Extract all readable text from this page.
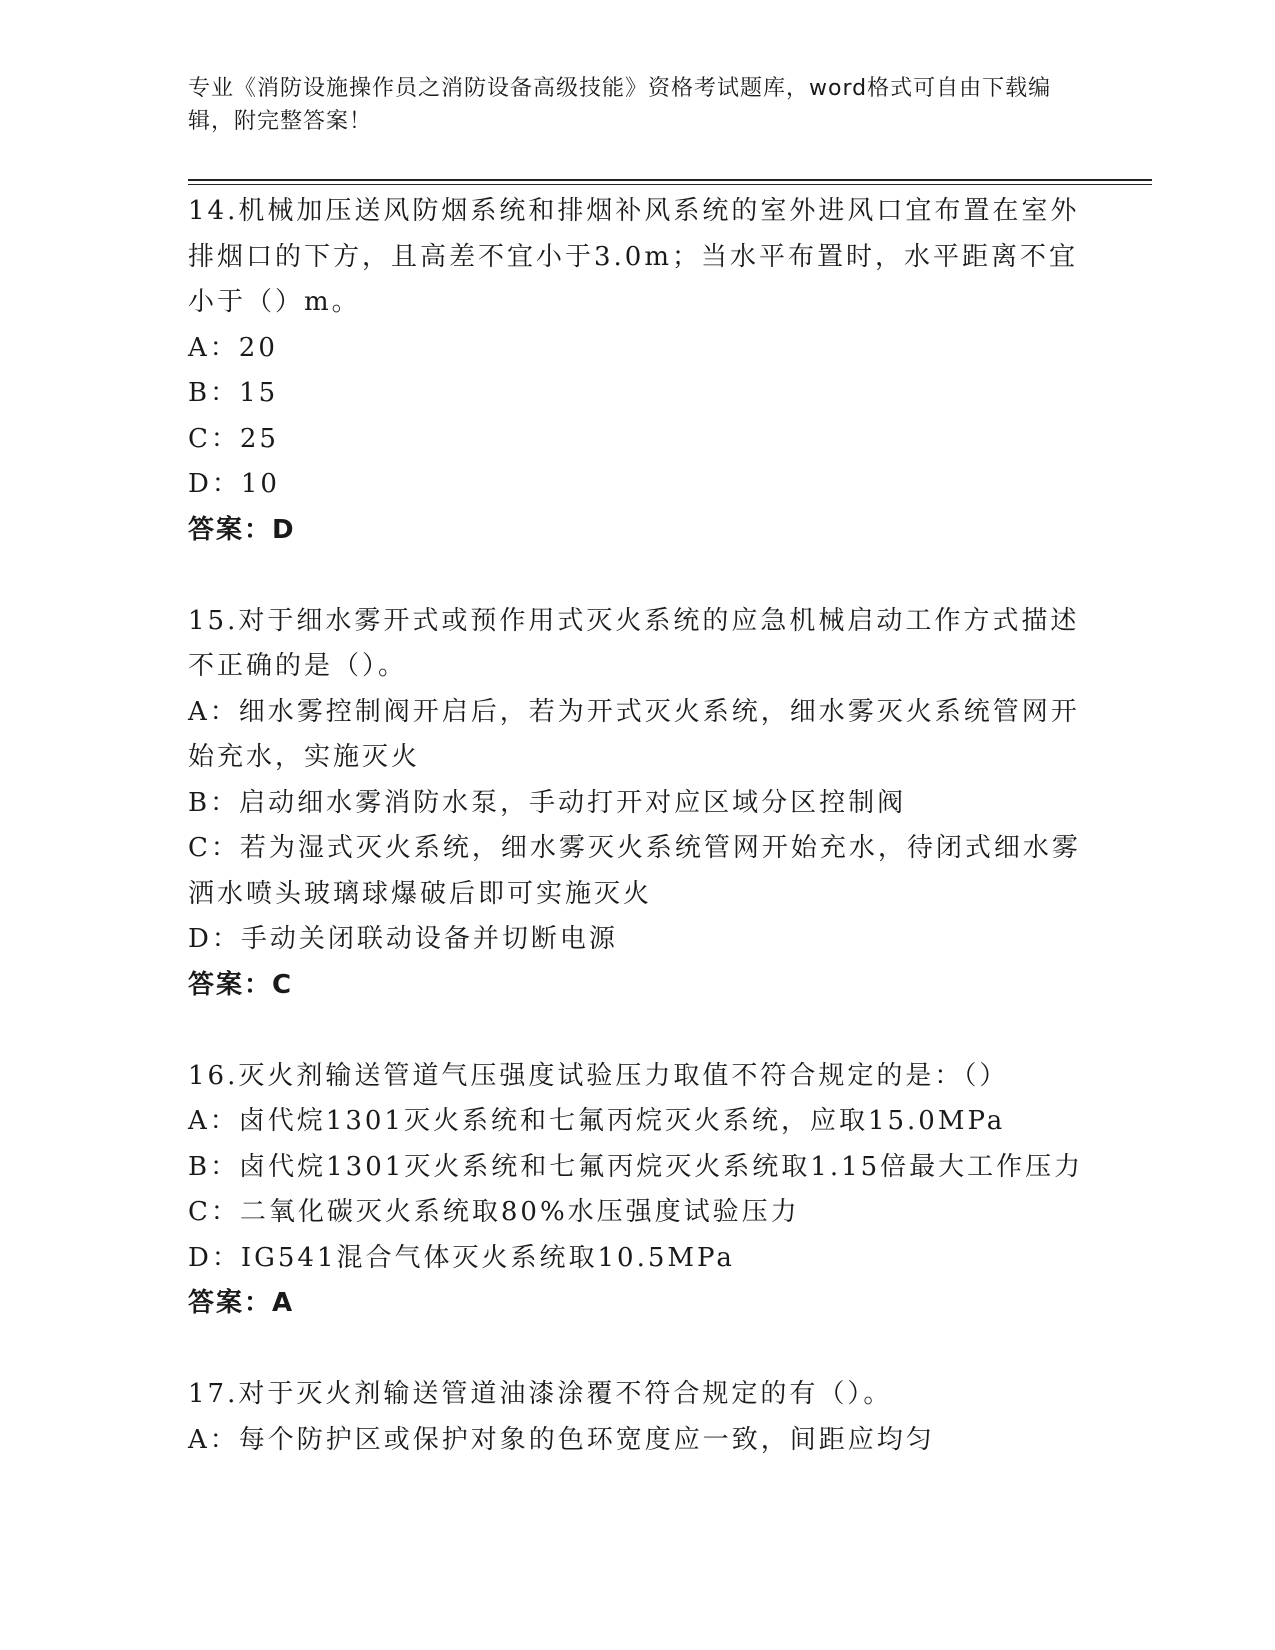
专业《消防设施操作员之消防设备高级技能》资格考试题库，word格式可自由下载编辑，附完整答案！

14.机械加压送风防烟系统和排烟补风系统的室外进风口宜布置在室外排烟口的下方，且高差不宜小于3.0m；当水平布置时，水平距离不宜小于（）m。

A：20

B：15

C：25

D：10

答案：D

15.对于细水雾开式或预作用式灭火系统的应急机械启动工作方式描述不正确的是（）。

A：细水雾控制阀开启后，若为开式灭火系统，细水雾灭火系统管网开始充水，实施灭火

B：启动细水雾消防水泵，手动打开对应区域分区控制阀

C：若为湿式灭火系统，细水雾灭火系统管网开始充水，待闭式细水雾洒水喷头玻璃球爆破后即可实施灭火

D：手动关闭联动设备并切断电源

答案：C

16.灭火剂输送管道气压强度试验压力取值不符合规定的是：（）

A：卤代烷1301灭火系统和七氟丙烷灭火系统，应取15.0MPa

B：卤代烷1301灭火系统和七氟丙烷灭火系统取1.15倍最大工作压力

C：二氧化碳灭火系统取80%水压强度试验压力

D：IG541混合气体灭火系统取10.5MPa

答案：A

17.对于灭火剂输送管道油漆涂覆不符合规定的有（）。

A：每个防护区或保护对象的色环宽度应一致，间距应均匀
